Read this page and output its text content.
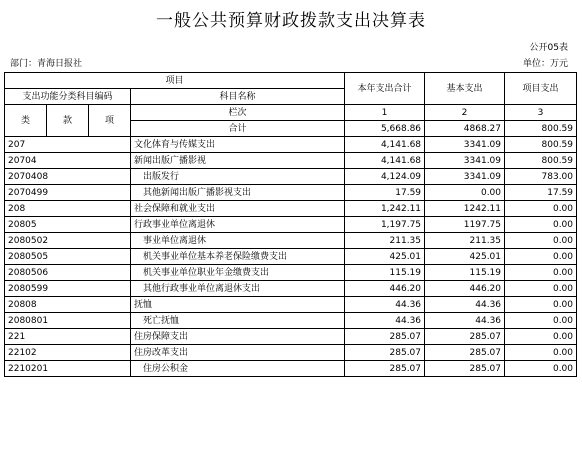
一般公共预算财政拨款支出决算表
公开05表
部门：青海日报社	单位：万元
项目				本年支出合计	基本支出	项目支出
支出功能分类科目编码			科目名称			
类	款	项				
			栏次	1	2	3
			合计	5,668.86	4868.27	800.59
207			文化体育与传媒支出	4,141.68	3341.09	800.59
20704			新闻出版广播影视	4,141.68	3341.09	800.59
2070408			出版发行	4,124.09	3341.09	783.00
2070499			其他新闻出版广播影视支出	17.59	0.00	17.59
208			社会保障和就业支出	1,242.11	1242.11	0.00
20805			行政事业单位离退休	1,197.75	1197.75	0.00
2080502			事业单位离退休	211.35	211.35	0.00
2080505			机关事业单位基本养老保险缴费支出	425.01	425.01	0.00
2080506			机关事业单位职业年金缴费支出	115.19	115.19	0.00
2080599			其他行政事业单位离退休支出	446.20	446.20	0.00
20808			抚恤	44.36	44.36	0.00
2080801			死亡抚恤	44.36	44.36	0.00
221			住房保障支出	285.07	285.07	0.00
22102			住房改革支出	285.07	285.07	0.00
2210201			住房公积金	285.07	285.07	0.00
